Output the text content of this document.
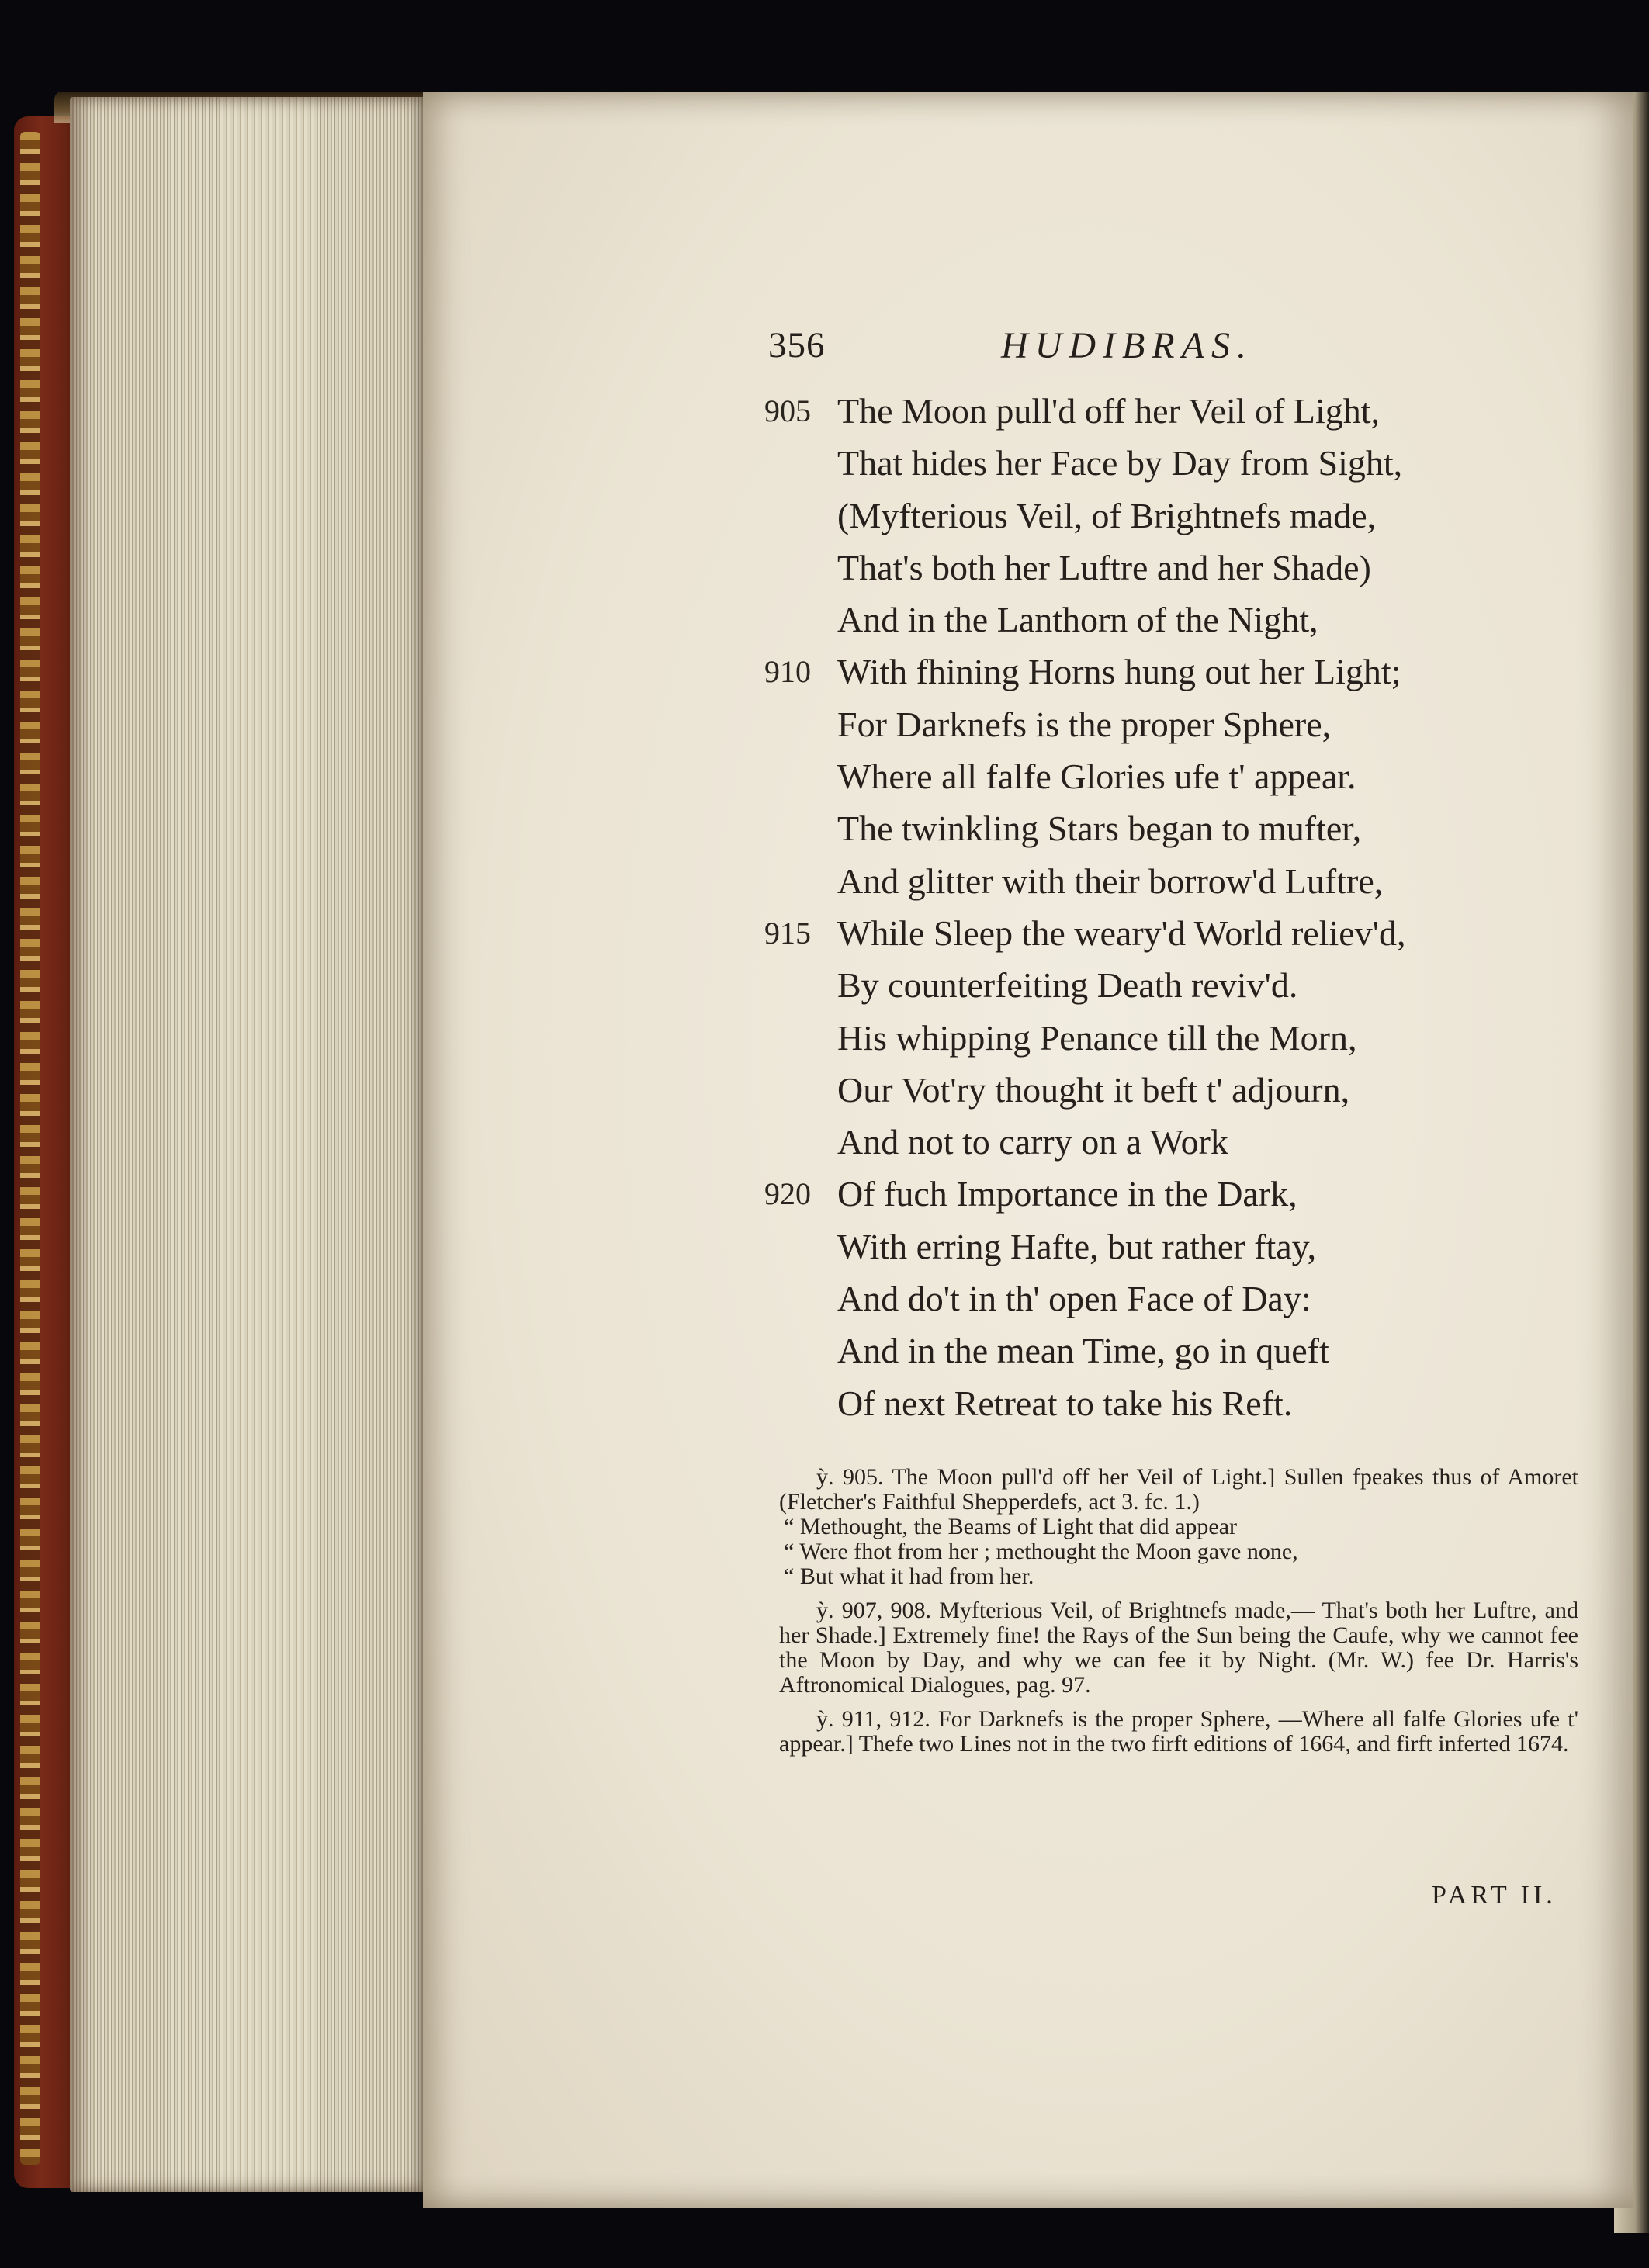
356	HUDIBRAS.
905 The Moon pull'd off her Veil of Light,
That hides her Face by Day from Sight,
(Myfterious Veil, of Brightnefs made,
That's both her Luftre and her Shade)
And in the Lanthorn of the Night,
910 With fhining Horns hung out her Light;
For Darknefs is the proper Sphere,
Where all falfe Glories ufe t' appear.
The twinkling Stars began to mufter,
And glitter with their borrow'd Luftre,
915 While Sleep the weary'd World reliev'd,
By counterfeiting Death reviv'd.
His whipping Penance till the Morn,
Our Vot'ry thought it beft t' adjourn,
And not to carry on a Work
920 Of fuch Importance in the Dark,
With erring Hafte, but rather ftay,
And do't in th' open Face of Day:
And in the mean Time, go in queft
Of next Retreat to take his Reft.

ỳ. 905. The Moon pull'd off her Veil of Light.] Sullen fpeakes thus of Amoret (Fletcher's Faithful Shepperdefs, act 3. fc. 1.)
“ Methought, the Beams of Light that did appear
“ Were fhot from her ; methought the Moon gave none,
“ But what it had from her.

ỳ. 907, 908. Myfterious Veil, of Brightnefs made,— That's both her Luftre, and her Shade.] Extremely fine! the Rays of the Sun being the Caufe, why we cannot fee the Moon by Day, and why we can fee it by Night. (Mr. W.) fee Dr. Harris's Aftronomical Dialogues, pag. 97.

ỳ. 911, 912. For Darknefs is the proper Sphere, —Where all falfe Glories ufe t' appear.] Thefe two Lines not in the two firft editions of 1664, and firft inferted 1674.

PART II.
